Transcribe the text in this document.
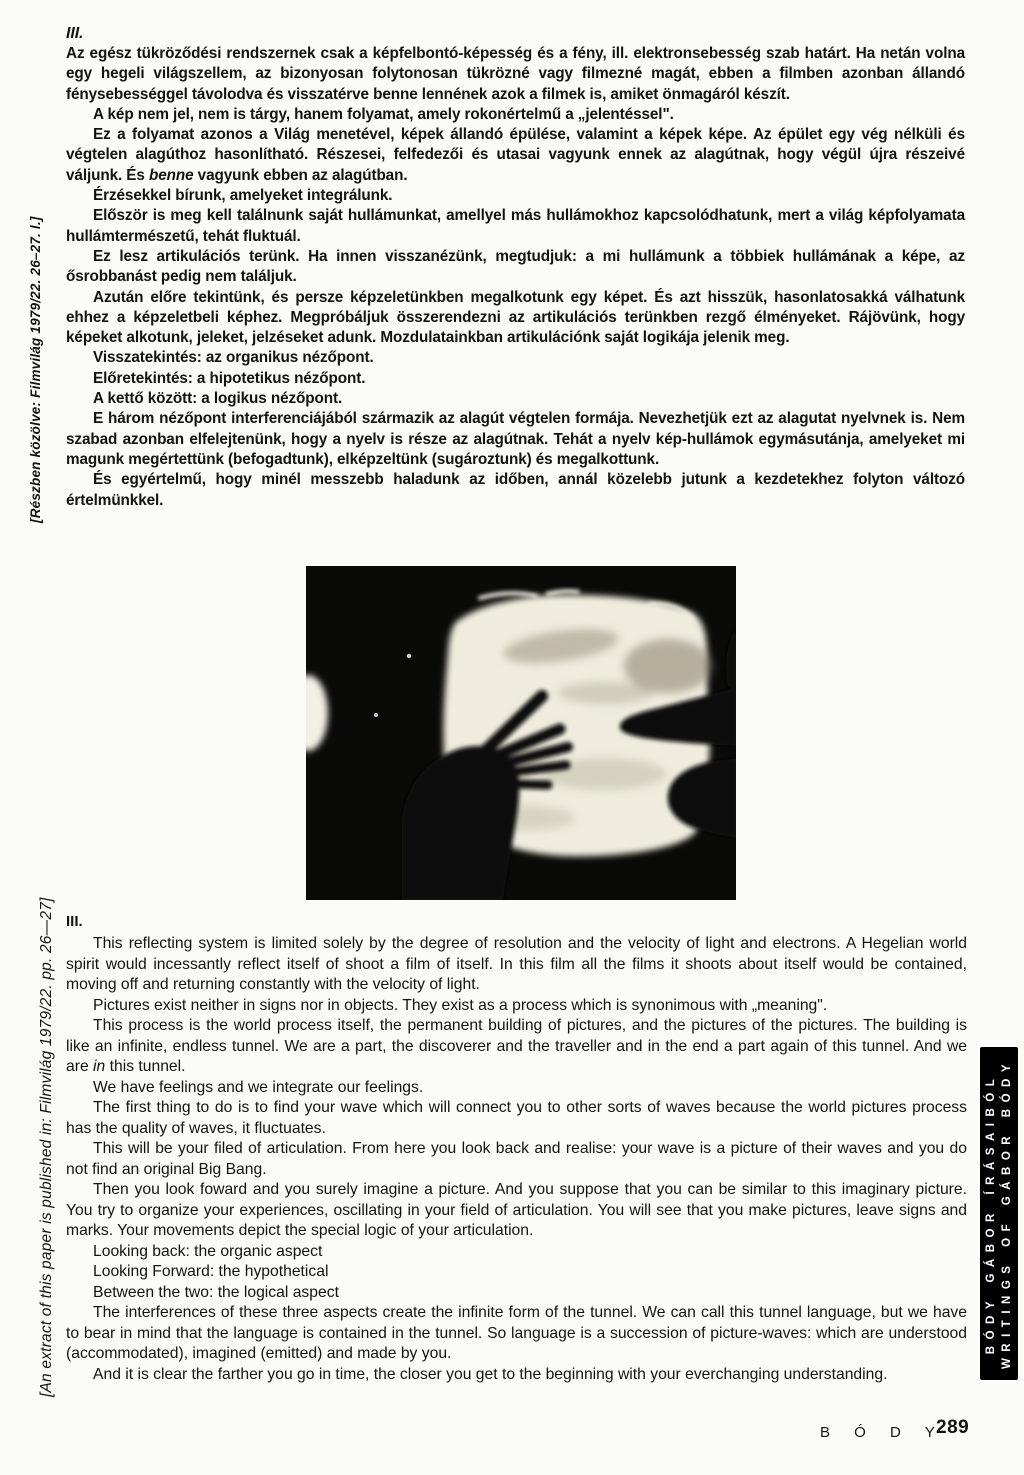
[Részben közölve: Filmvilág 1979/22. 26–27. l.]
[An extract of this paper is published in: Filmvilág 1979/22. pp. 26—27]
III.

Az egész tükröződési rendszernek csak a képfelbontó-képesség és a fény, ill. elektronsebesség szab határt. Ha netán volna egy hegeli világszellem, az bizonyosan folytonosan tükrözné vagy filmezné magát, ebben a filmben azonban állandó fénysebességgel távolodva és visszatérve benne lennének azok a filmek is, amiket önmagáról készít.

A kép nem jel, nem is tárgy, hanem folyamat, amely rokonértelmű a „jelentéssel".

Ez a folyamat azonos a Világ menetével, képek állandó épülése, valamint a képek képe. Az épület egy vég nélküli és végtelen alagúthoz hasonlítható. Részesei, felfedezői és utasai vagyunk ennek az alagútnak, hogy végül újra részeivé váljunk. És benne vagyunk ebben az alagútban.

Érzésekkel bírunk, amelyeket integrálunk.

Először is meg kell találnunk saját hullámunkat, amellyel más hullámokhoz kapcsolódhatunk, mert a világ képfolyamata hullámtermészetű, tehát fluktuál.

Ez lesz artikulációs terünk. Ha innen visszanézünk, megtudjuk: a mi hullámunk a többiek hullámának a képe, az ősrobbanást pedig nem találjuk.

Azután előre tekintünk, és persze képzeletünkben megalkotunk egy képet. És azt hisszük, hasonlatosakká válhatunk ehhez a képzeletbeli képhez. Megpróbáljuk összerendezni az artikulációs terünkben rezgő élményeket. Rájövünk, hogy képeket alkotunk, jeleket, jelzéseket adunk. Mozdulatainkban artikulációnk saját logikája jelenik meg.

Visszatekintés: az organikus nézőpont.

Előretekintés: a hipotetikus nézőpont.

A kettő között: a logikus nézőpont.

E három nézőpont interferenciájából származik az alagút végtelen formája. Nevezhetjük ezt az alagutat nyelvnek is. Nem szabad azonban elfelejtenünk, hogy a nyelv is része az alagútnak. Tehát a nyelv kép-hullámok egymásutánja, amelyeket mi magunk megértettünk (befogadtunk), elképzeltünk (sugároztunk) és megalkottunk.

És egyértelmű, hogy minél messzebb haladunk az időben, annál közelebb jutunk a kezdetekhez folyton változó értelmünkkel.

III.

This reflecting system is limited solely by the degree of resolution and the velocity of light and electrons. A Hegelian world spirit would incessantly reflect itself of shoot a film of itself. In this film all the films it shoots about itself would be contained, moving off and returning constantly with the velocity of light.

Pictures exist neither in signs nor in objects. They exist as a process which is synonimous with „meaning".

This process is the world process itself, the permanent building of pictures, and the pictures of the pictures. The building is like an infinite, endless tunnel. We are a part, the discoverer and the traveller and in the end a part again of this tunnel. And we are in this tunnel.

We have feelings and we integrate our feelings.

The first thing to do is to find your wave which will connect you to other sorts of waves because the world pictures process has the quality of waves, it fluctuates.

This will be your filed of articulation. From here you look back and realise: your wave is a picture of their waves and you do not find an original Big Bang.

Then you look foward and you surely imagine a picture. And you suppose that you can be similar to this imaginary picture. You try to organize your experiences, oscillating in your field of articulation. You will see that you make pictures, leave signs and marks. Your movements depict the special logic of your articulation.

Looking back: the organic aspect

Looking Forward: the hypothetical

Between the two: the logical aspect

The interferences of these three aspects create the infinite form of the tunnel. We can call this tunnel language, but we have to bear in mind that the language is contained in the tunnel. So language is a succession of picture-waves: which are understood (accommodated), imagined (emitted) and made by you.

And it is clear the farther you go in time, the closer you get to the beginning with your everchanging understanding.

BÓDY GÁBOR ÍRÁSAIBÓL WRITINGS OF GÁBOR BÓDY
B Ó D Y
289
